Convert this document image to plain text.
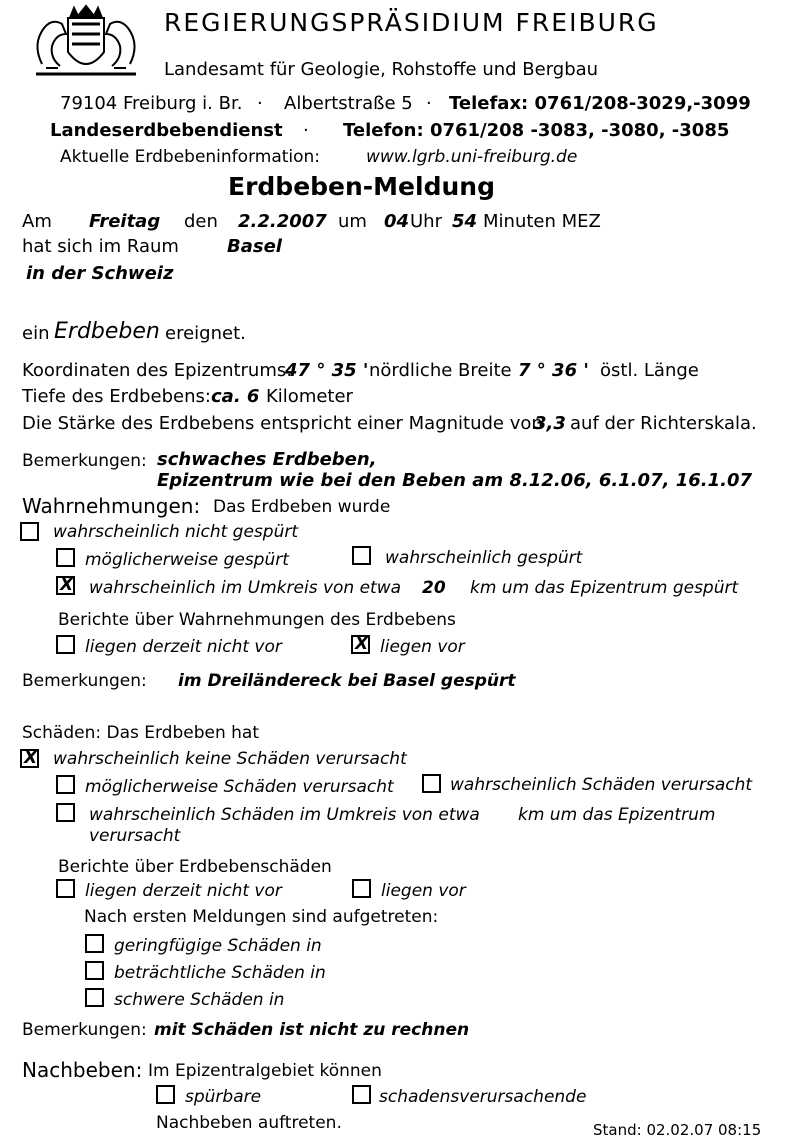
REGIERUNGSPRÄSIDIUM FREIBURG
Landesamt für Geologie, Rohstoffe und Bergbau
79104 Freiburg i. Br. · Albertstraße 5 · Telefax: 0761/208-3029,-3099
Landeserdbebendienst · Telefon: 0761/208 -3083, -3080, -3085
Aktuelle Erdbebeninformation:	www.lgrb.uni-freiburg.de
Erdbeben-Meldung
Am Freitag den 2.2.2007 um 04 Uhr 54 Minuten MEZ
hat sich im Raum	Basel
in der Schweiz
ein Erdbeben ereignet.
Koordinaten des Epizentrums:
47 ° 35 ' nördliche Breite 7 ° 36 ' östl. Länge
Tiefe des Erdbebens: ca. 6 Kilometer
Die Stärke des Erdbebens entspricht einer Magnitude von
3,3 auf der Richterskala.
Bemerkungen: schwaches Erdbeben,
Epizentrum wie bei den Beben am 8.12.06, 6.1.07, 16.1.07
Wahrnehmungen: Das Erdbeben wurde
wahrscheinlich nicht gespürt
möglicherweise gespürt	wahrscheinlich gespürt
X
wahrscheinlich im Umkreis von etwa 20 km um das Epizentrum gespürt
Berichte über Wahrnehmungen des Erdbebens
liegen derzeit nicht vor
X	liegen vor
Bemerkungen: im Dreiländereck bei Basel gespürt
Schäden: Das Erdbeben hat
X
wahrscheinlich keine Schäden verursacht
möglicherweise Schäden verursacht	wahrscheinlich Schäden verursacht
wahrscheinlich Schäden im Umkreis von etwa km um das Epizentrum
verursacht
Berichte über Erdbebenschäden
liegen derzeit nicht vor	liegen vor
Nach ersten Meldungen sind aufgetreten:
geringfügige Schäden in
beträchtliche Schäden in
schwere Schäden in
Bemerkungen: mit Schäden ist nicht zu rechnen
Nachbeben: Im Epizentralgebiet können
spürbare	schadensverursachende
Nachbeben auftreten.	Stand: 02.02.07 08:15
